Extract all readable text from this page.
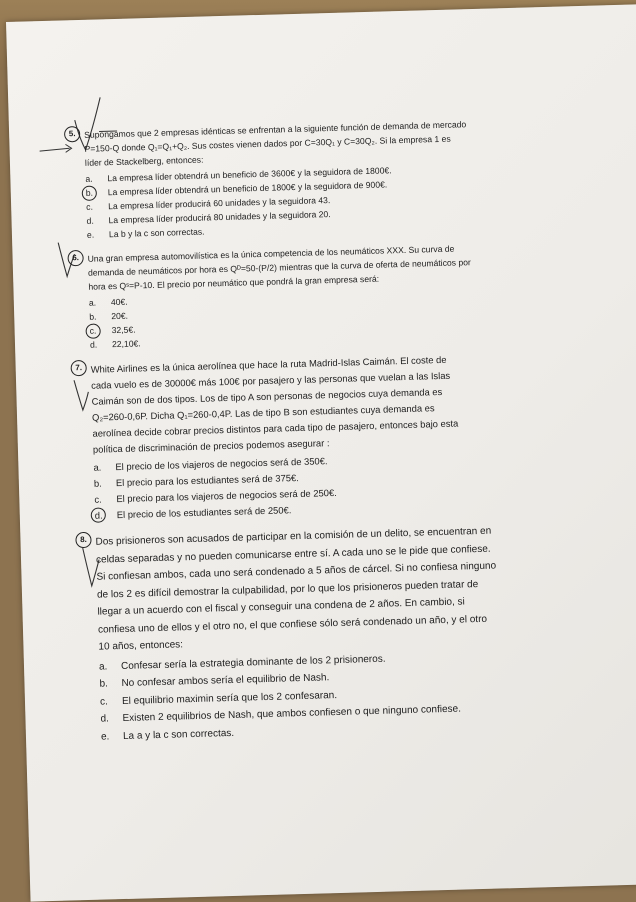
5. Supongamos que 2 empresas idénticas se enfrentan a la siguiente función de demanda de mercado P=150-Q donde Q₁=Q₁+Q₂. Sus costes vienen dados por C=30Q₁ y C=30Q₂. Si la empresa 1 es líder de Stackelberg, entonces:

a.	La empresa líder obtendrá un beneficio de 3600€ y la seguidora de 1800€.
b.	La empresa líder obtendrá un beneficio de 1800€ y la seguidora de 900€.
c.	La empresa líder producirá 60 unidades y la seguidora 43.
d.	La empresa líder producirá 80 unidades y la seguidora 20.
e.	La b y la c son correctas.
6. Una gran empresa automovilística es la única competencia de los neumáticos XXX. Su curva de demanda de neumáticos por hora es Qᴰ=50-(P/2) mientras que la curva de oferta de neumáticos por hora es Qˢ=P-10. El precio por neumático que pondrá la gran empresa será:

a.	40€.
b.	20€.
c.	32,5€.
d.	22,10€.
7. White Airlines es la única aerolínea que hace la ruta Madrid-Islas Caimán. El coste de cada vuelo es de 30000€ más 100€ por pasajero y las personas que vuelan a las Islas Caimán son de dos tipos. Los de tipo A son personas de negocios cuya demanda es Q₂=260-0,6P. Dicha Q₁=260-0,4P. Las de tipo B son estudiantes cuya demanda es aerolínea decide cobrar precios distintos para cada tipo de pasajero, entonces bajo esta política de discriminación de precios podemos asegurar :

a.	El precio de los viajeros de negocios será de 350€.
b.	El precio para los estudiantes será de 375€.
c.	El precio para los viajeros de negocios será de 250€.
d.	El precio de los estudiantes será de 250€.
8. Dos prisioneros son acusados de participar en la comisión de un delito, se encuentran en celdas separadas y no pueden comunicarse entre sí. A cada uno se le pide que confiese. Si confiesan ambos, cada uno será condenado a 5 años de cárcel. Si no confiesa ninguno de los 2 es difícil demostrar la culpabilidad, por lo que los prisioneros pueden tratar de llegar a un acuerdo con el fiscal y conseguir una condena de 2 años. En cambio, si confiesa uno de ellos y el otro no, el que confiese sólo será condenado un año, y el otro 10 años, entonces:

a.	Confesar sería la estrategia dominante de los 2 prisioneros.
b.	No confesar ambos sería el equilibrio de Nash.
c.	El equilibrio maximin sería que los 2 confesaran.
d.	Existen 2 equilibrios de Nash, que ambos confiesen o que ninguno confiese.
e.	La a y la c son correctas.
